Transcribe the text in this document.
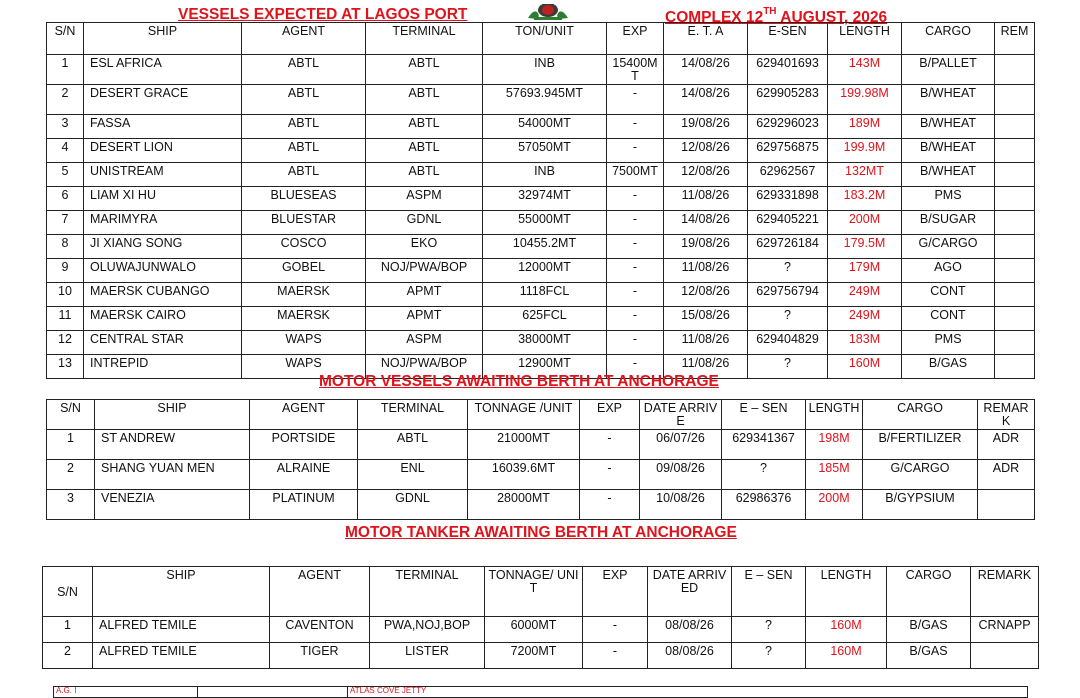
VESSELS EXPECTED AT LAGOS PORT	COMPLEX 12TH AUGUST, 2026
S/N	SHIP	AGENT	TERMINAL	TON/UNIT	EXP	E. T. A	E-SEN	LENGTH	CARGO	REM
1	ESL AFRICA	ABTL	ABTL	INB	15400MT	14/08/26	629401693	143M	B/PALLET	
2	DESERT GRACE	ABTL	ABTL	57693.945MT	-	14/08/26	629905283	199.98M	B/WHEAT	
3	FASSA	ABTL	ABTL	54000MT	-	19/08/26	629296023	189M	B/WHEAT	
4	DESERT LION	ABTL	ABTL	57050MT	-	12/08/26	629756875	199.9M	B/WHEAT	
5	UNISTREAM	ABTL	ABTL	INB	7500MT	12/08/26	62962567	132MT	B/WHEAT	
6	LIAM XI HU	BLUESEAS	ASPM	32974MT	-	11/08/26	629331898	183.2M	PMS	
7	MARIMYRA	BLUESTAR	GDNL	55000MT	-	14/08/26	629405221	200M	B/SUGAR	
8	JI XIANG SONG	COSCO	EKO	10455.2MT	-	19/08/26	629726184	179.5M	G/CARGO	
9	OLUWAJUNWALO	GOBEL	NOJ/PWA/BOP	12000MT	-	11/08/26	?	179M	AGO	
10	MAERSK CUBANGO	MAERSK	APMT	1118FCL	-	12/08/26	629756794	249M	CONT	
11	MAERSK CAIRO	MAERSK	APMT	625FCL	-	15/08/26	?	249M	CONT	
12	CENTRAL STAR	WAPS	ASPM	38000MT	-	11/08/26	629404829	183M	PMS	
13	INTREPID	WAPS	NOJ/PWA/BOP	12900MT	-	11/08/26	?	160M	B/GAS	
MOTOR VESSELS AWAITING BERTH AT ANCHORAGE
S/N	SHIP	AGENT	TERMINAL	TONNAGE /UNIT	EXP	DATE ARRIVE	E – SEN	LENGTH	CARGO	REMARK
1	ST ANDREW	PORTSIDE	ABTL	21000MT	-	06/07/26	629341367	198M	B/FERTILIZER	ADR
2	SHANG YUAN MEN	ALRAINE	ENL	16039.6MT	-	09/08/26	?	185M	G/CARGO	ADR
3	VENEZIA	PLATINUM	GDNL	28000MT	-	10/08/26	62986376	200M	B/GYPSIUM	
MOTOR TANKER AWAITING BERTH AT ANCHORAGE
S/N	SHIP	AGENT	TERMINAL	TONNAGE/ UNIT	EXP	DATE ARRIVED	E – SEN	LENGTH	CARGO	REMARK
1	ALFRED TEMILE	CAVENTON	PWA,NOJ,BOP	6000MT	-	08/08/26	?	160M	B/GAS	CRNAPP
2	ALFRED TEMILE	TIGER	LISTER	7200MT	-	08/08/26	?	160M	B/GAS	
A.G. I		ATLAS COVE JETTY
